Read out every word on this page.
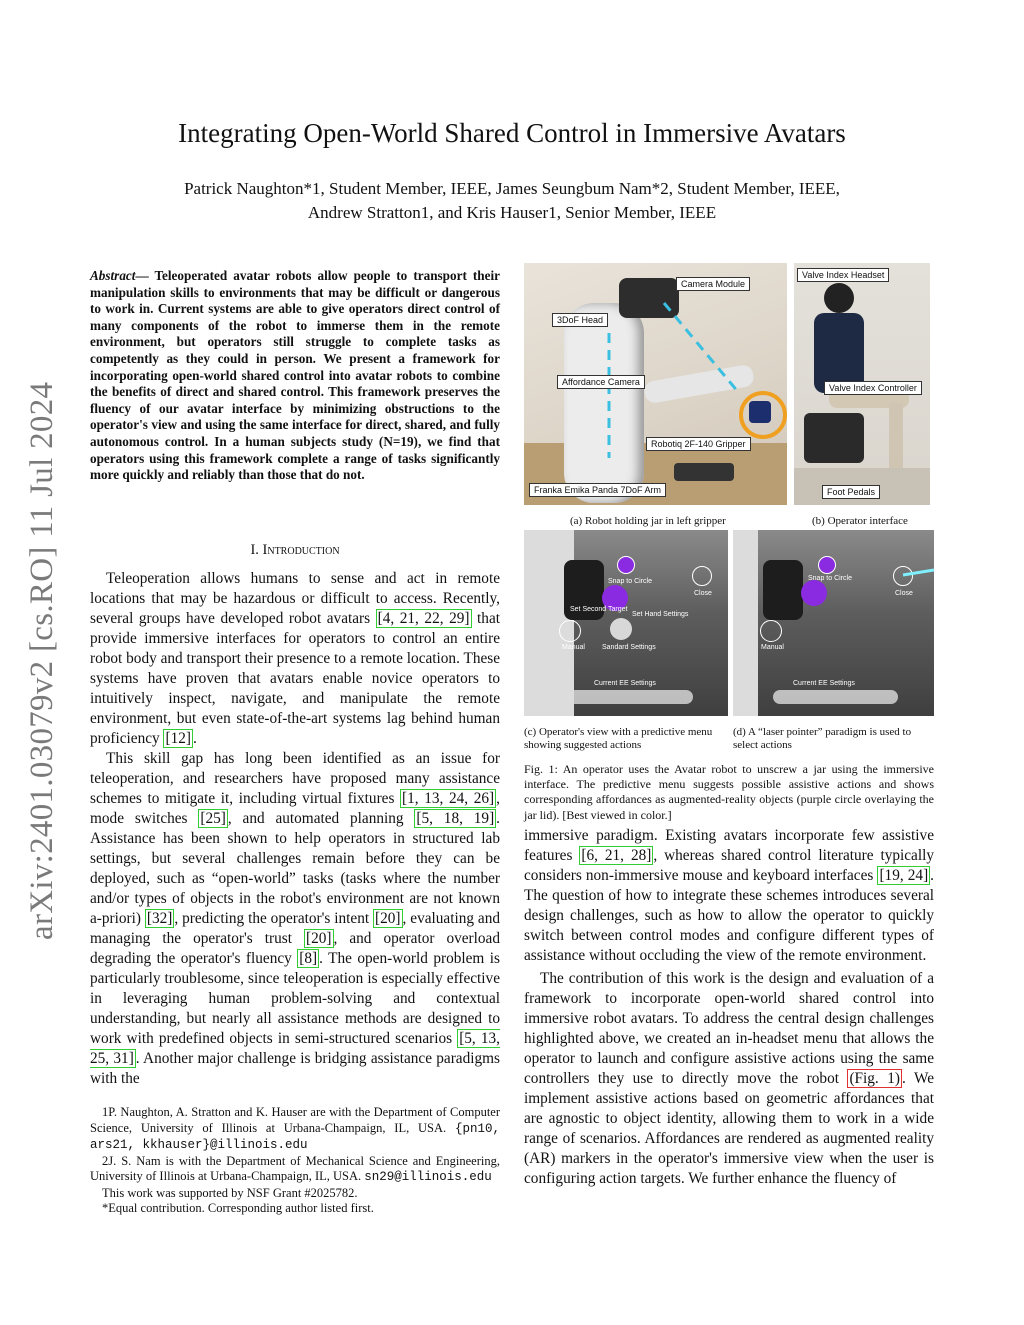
arXiv:2401.03079v2 [cs.RO] 11 Jul 2024
Integrating Open-World Shared Control in Immersive Avatars
Patrick Naughton*1, Student Member, IEEE, James Seungbum Nam*2, Student Member, IEEE,
Andrew Stratton1, and Kris Hauser1, Senior Member, IEEE
Abstract— Teleoperated avatar robots allow people to transport their manipulation skills to environments that may be difficult or dangerous to work in. Current systems are able to give operators direct control of many components of the robot to immerse them in the remote environment, but operators still struggle to complete tasks as competently as they could in person. We present a framework for incorporating open-world shared control into avatar robots to combine the benefits of direct and shared control. This framework preserves the fluency of our avatar interface by minimizing obstructions to the operator's view and using the same interface for direct, shared, and fully autonomous control. In a human subjects study (N=19), we find that operators using this framework complete a range of tasks significantly more quickly and reliably than those that do not.
I. Introduction

Teleoperation allows humans to sense and act in remote locations that may be hazardous or difficult to access. Recently, several groups have developed robot avatars [4, 21, 22, 29] that provide immersive interfaces for operators to control an entire robot body and transport their presence to a remote location. These systems have proven that avatars enable novice operators to intuitively inspect, navigate, and manipulate the remote environment, but even state-of-the-art systems lag behind human proficiency [12] .

This skill gap has long been identified as an issue for teleoperation, and researchers have proposed many assistance schemes to mitigate it, including virtual fixtures [1, 13, 24, 26] , mode switches [25] , and automated planning [5, 18, 19] . Assistance has been shown to help operators in structured lab settings, but several challenges remain before they can be deployed, such as “open-world” tasks (tasks where the number and/or types of objects in the robot's environment are not known a-priori) [32] , predicting the operator's intent [20] , evaluating and managing the operator's trust [20] , and operator overload degrading the operator's fluency [8] . The open-world problem is particularly troublesome, since teleoperation is especially effective in leveraging human problem-solving and contextual understanding, but nearly all assistance methods are designed to work with predefined objects in semi-structured scenarios [5, 13, 25, 31] . Another major challenge is bridging assistance paradigms with the

1P. Naughton, A. Stratton and K. Hauser are with the Department of Computer Science, University of Illinois at Urbana-Champaign, IL, USA. {pn10, ars21, kkhauser}@illinois.edu

2J. S. Nam is with the Department of Mechanical Science and Engineering, University of Illinois at Urbana-Champaign, IL, USA. sn29@illinois.edu

This work was supported by NSF Grant #2025782.

*Equal contribution. Corresponding author listed first.

Camera Module
3DoF Head
Affordance Camera
Robotiq 2F-140 Gripper
Franka Emika Panda 7DoF Arm
Valve Index Headset
Valve Index Controller
Foot Pedals
(a) Robot holding jar in left gripper	(b) Operator interface
Snap to Circle
Close
Set Second Target
Set Hand Settings
Manual Sandard Settings
Current EE Settings
Snap to Circle
Close
Manual
Current EE Settings
(c) Operator's view with a predictive menu showing suggested actions
(d) A “laser pointer” paradigm is used to select actions
Fig. 1: An operator uses the Avatar robot to unscrew a jar using the immersive interface. The predictive menu suggests possible assistive actions and shows corresponding affordances as augmented-reality objects (purple circle overlaying the jar lid). [Best viewed in color.]

immersive paradigm. Existing avatars incorporate few assistive features [6, 21, 28] , whereas shared control literature typically considers non-immersive mouse and keyboard interfaces [19, 24] . The question of how to integrate these schemes introduces several design challenges, such as how to allow the operator to quickly switch between control modes and configure different types of assistance without occluding the view of the remote environment.

The contribution of this work is the design and evaluation of a framework to incorporate open-world shared control into immersive robot avatars. To address the central design challenges highlighted above, we created an in-headset menu that allows the operator to launch and configure assistive actions using the same controllers they use to directly move the robot (Fig. 1) . We implement assistive actions based on geometric affordances that are agnostic to object identity, allowing them to work in a wide range of scenarios. Affordances are rendered as augmented reality (AR) markers in the operator's immersive view when the user is configuring action targets. We further enhance the fluency of
